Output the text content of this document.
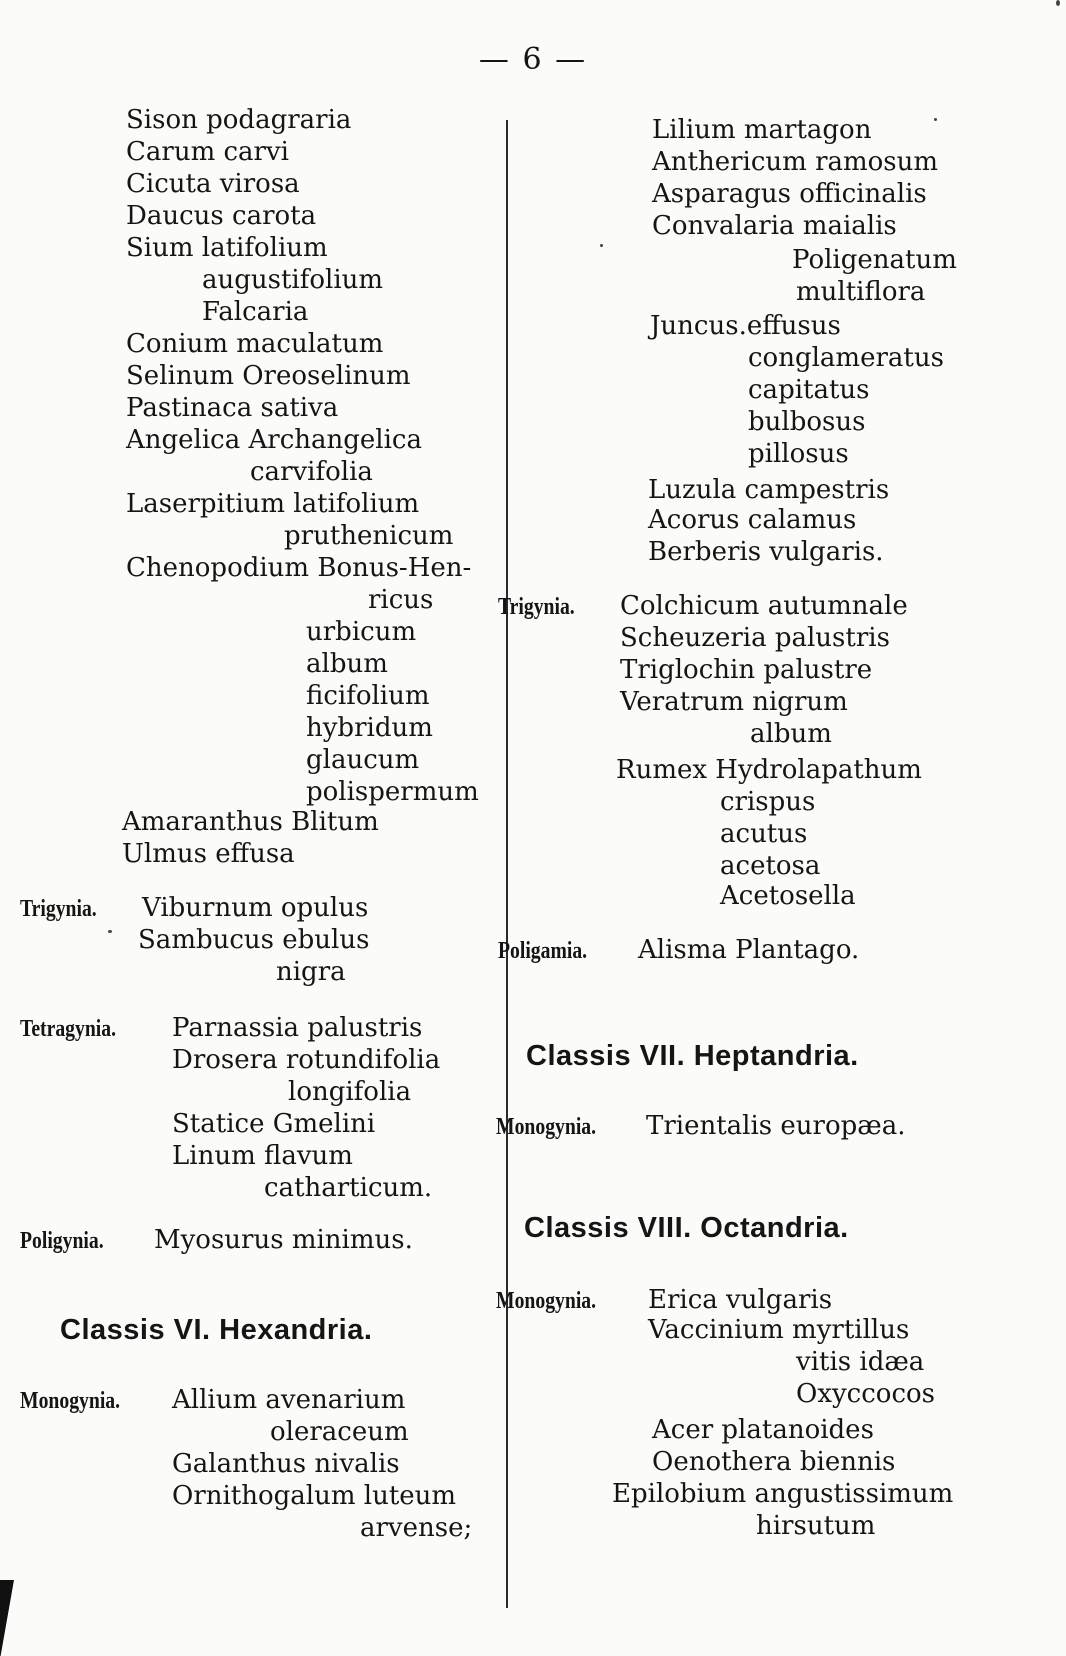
— 6 —
Sison podagraria
Carum carvi
Cicuta virosa
Daucus carota
Sium latifolium
augustifolium
Falcaria
Conium maculatum
Selinum Oreoselinum
Pastinaca sativa
Angelica Archangelica
carvifolia
Laserpitium latifolium
pruthenicum
Chenopodium Bonus-Hen-
ricus
urbicum
album
ficifolium
hybridum
glaucum
polispermum
Amaranthus Blitum
Ulmus effusa
Trigynia.	Viburnum opulus
Sambucus ebulus
nigra
Tetragynia.	Parnassia palustris
Drosera rotundifolia
longifolia
Statice Gmelini
Linum flavum
catharticum.
Poligynia.	Myosurus minimus.
Classis VI. Hexandria.
Monogynia.	Allium avenarium
oleraceum
Galanthus nivalis
Ornithogalum luteum
arvense;
Lilium martagon
Anthericum ramosum
Asparagus officinalis
Convalaria maialis
Poligenatum
multiflora
Juncus.effusus
conglameratus
capitatus
bulbosus
pillosus
Luzula campestris
Acorus calamus
Berberis vulgaris.
Trigynia.	Colchicum autumnale
Scheuzeria palustris
Triglochin palustre
Veratrum nigrum
album
Rumex Hydrolapathum
crispus
acutus
acetosa
Acetosella
Poligamia.	Alisma Plantago.
Classis VII. Heptandria.
Monogynia.	Trientalis europæa.
Classis VIII. Octandria.
Monogynia.	Erica vulgaris
Vaccinium myrtillus
vitis idæa
Oxyccocos
Acer platanoides
Oenothera biennis
Epilobium angustissimum
hirsutum
